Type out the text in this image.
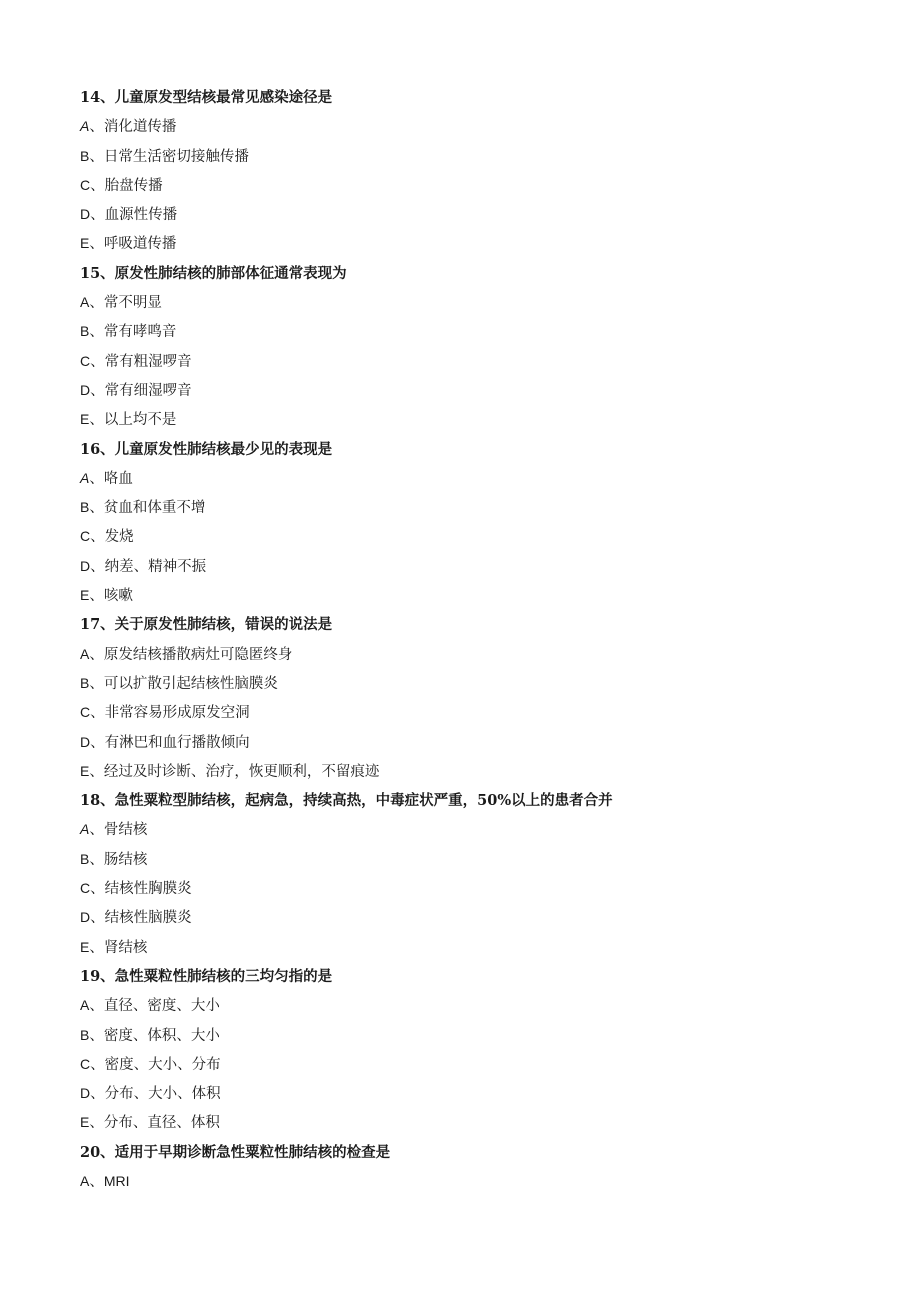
14、儿童原发型结核最常见感染途径是
A、消化道传播
B、日常生活密切接触传播
C、胎盘传播
D、血源性传播
E、呼吸道传播
15、原发性肺结核的肺部体征通常表现为
A、常不明显
B、常有哮鸣音
C、常有粗湿啰音
D、常有细湿啰音
E、以上均不是
16、儿童原发性肺结核最少见的表现是
A、咯血
B、贫血和体重不增
C、发烧
D、纳差、精神不振
E、咳嗽
17、关于原发性肺结核，错误的说法是
A、原发结核播散病灶可隐匿终身
B、可以扩散引起结核性脑膜炎
C、非常容易形成原发空洞
D、有淋巴和血行播散倾向
E、经过及时诊断、治疗，恢更顺利，不留痕迹
18、急性粟粒型肺结核，起病急，持续高热，中毒症状严重，50%以上的患者合并
A、骨结核
B、肠结核
C、结核性胸膜炎
D、结核性脑膜炎
E、肾结核
19、急性粟粒性肺结核的三均匀指的是
A、直径、密度、大小
B、密度、体积、大小
C、密度、大小、分布
D、分布、大小、体积
E、分布、直径、体积
20、适用于早期诊断急性粟粒性肺结核的检查是
A、MRI
